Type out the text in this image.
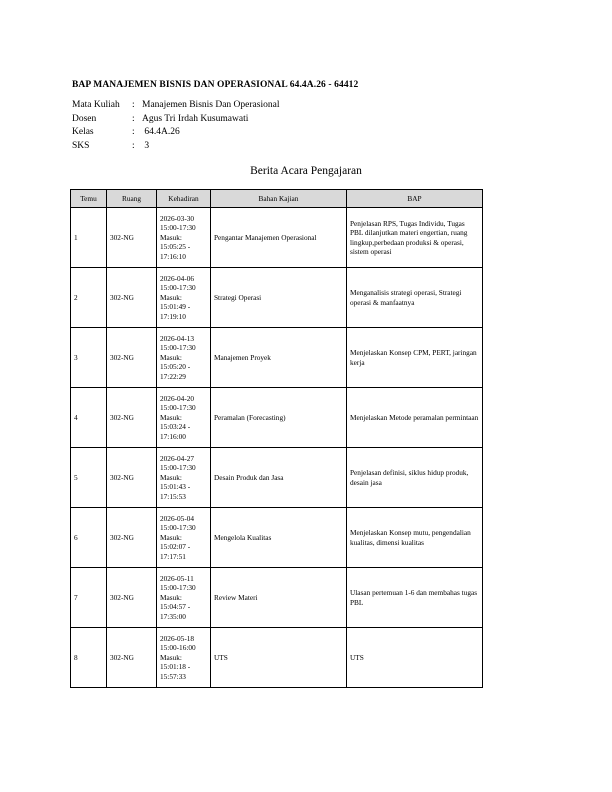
BAP MANAJEMEN BISNIS DAN OPERASIONAL 64.4A.26 - 64412
Mata Kuliah	: Manajemen Bisnis Dan Operasional
Dosen	: Agus Tri Irdah Kusumawati
Kelas	: 64.4A.26
SKS	: 3
Berita Acara Pengajaran
Temu	Ruang	Kehadiran	Bahan Kajian	BAP
1	302-NG	2026-03-30
15:00-17:30
Masuk:
15:05:25 -
17:16:10	Pengantar Manajemen Operasional	Penjelasan RPS, Tugas Individu, Tugas PBL dilanjutkan materi engertian, ruang lingkup,perbedaan produksi & operasi, sistem operasi
2	302-NG	2026-04-06
15:00-17:30
Masuk:
15:01:49 -
17:19:10	Strategi Operasi	Menganalisis strategi operasi, Strategi operasi & manfaatnya
3	302-NG	2026-04-13
15:00-17:30
Masuk:
15:05:20 -
17:22:29	Manajemen Proyek	Menjelaskan Konsep CPM, PERT, jaringan kerja
4	302-NG	2026-04-20
15:00-17:30
Masuk:
15:03:24 -
17:16:00	Peramalan (Forecasting)	Menjelaskan Metode peramalan permintaan
5	302-NG	2026-04-27
15:00-17:30
Masuk:
15:01:43 -
17:15:53	Desain Produk dan Jasa	Penjelasan definisi, siklus hidup produk, desain jasa
6	302-NG	2026-05-04
15:00-17:30
Masuk:
15:02:07 -
17:17:51	Mengelola Kualitas	Menjelaskan Konsep mutu, pengendalian kualitas, dimensi kualitas
7	302-NG	2026-05-11
15:00-17:30
Masuk:
15:04:57 -
17:35:00	Review Materi	Ulasan pertemuan 1-6 dan membahas tugas PBL
8	302-NG	2026-05-18
15:00-16:00
Masuk:
15:01:18 -
15:57:33	UTS	UTS
